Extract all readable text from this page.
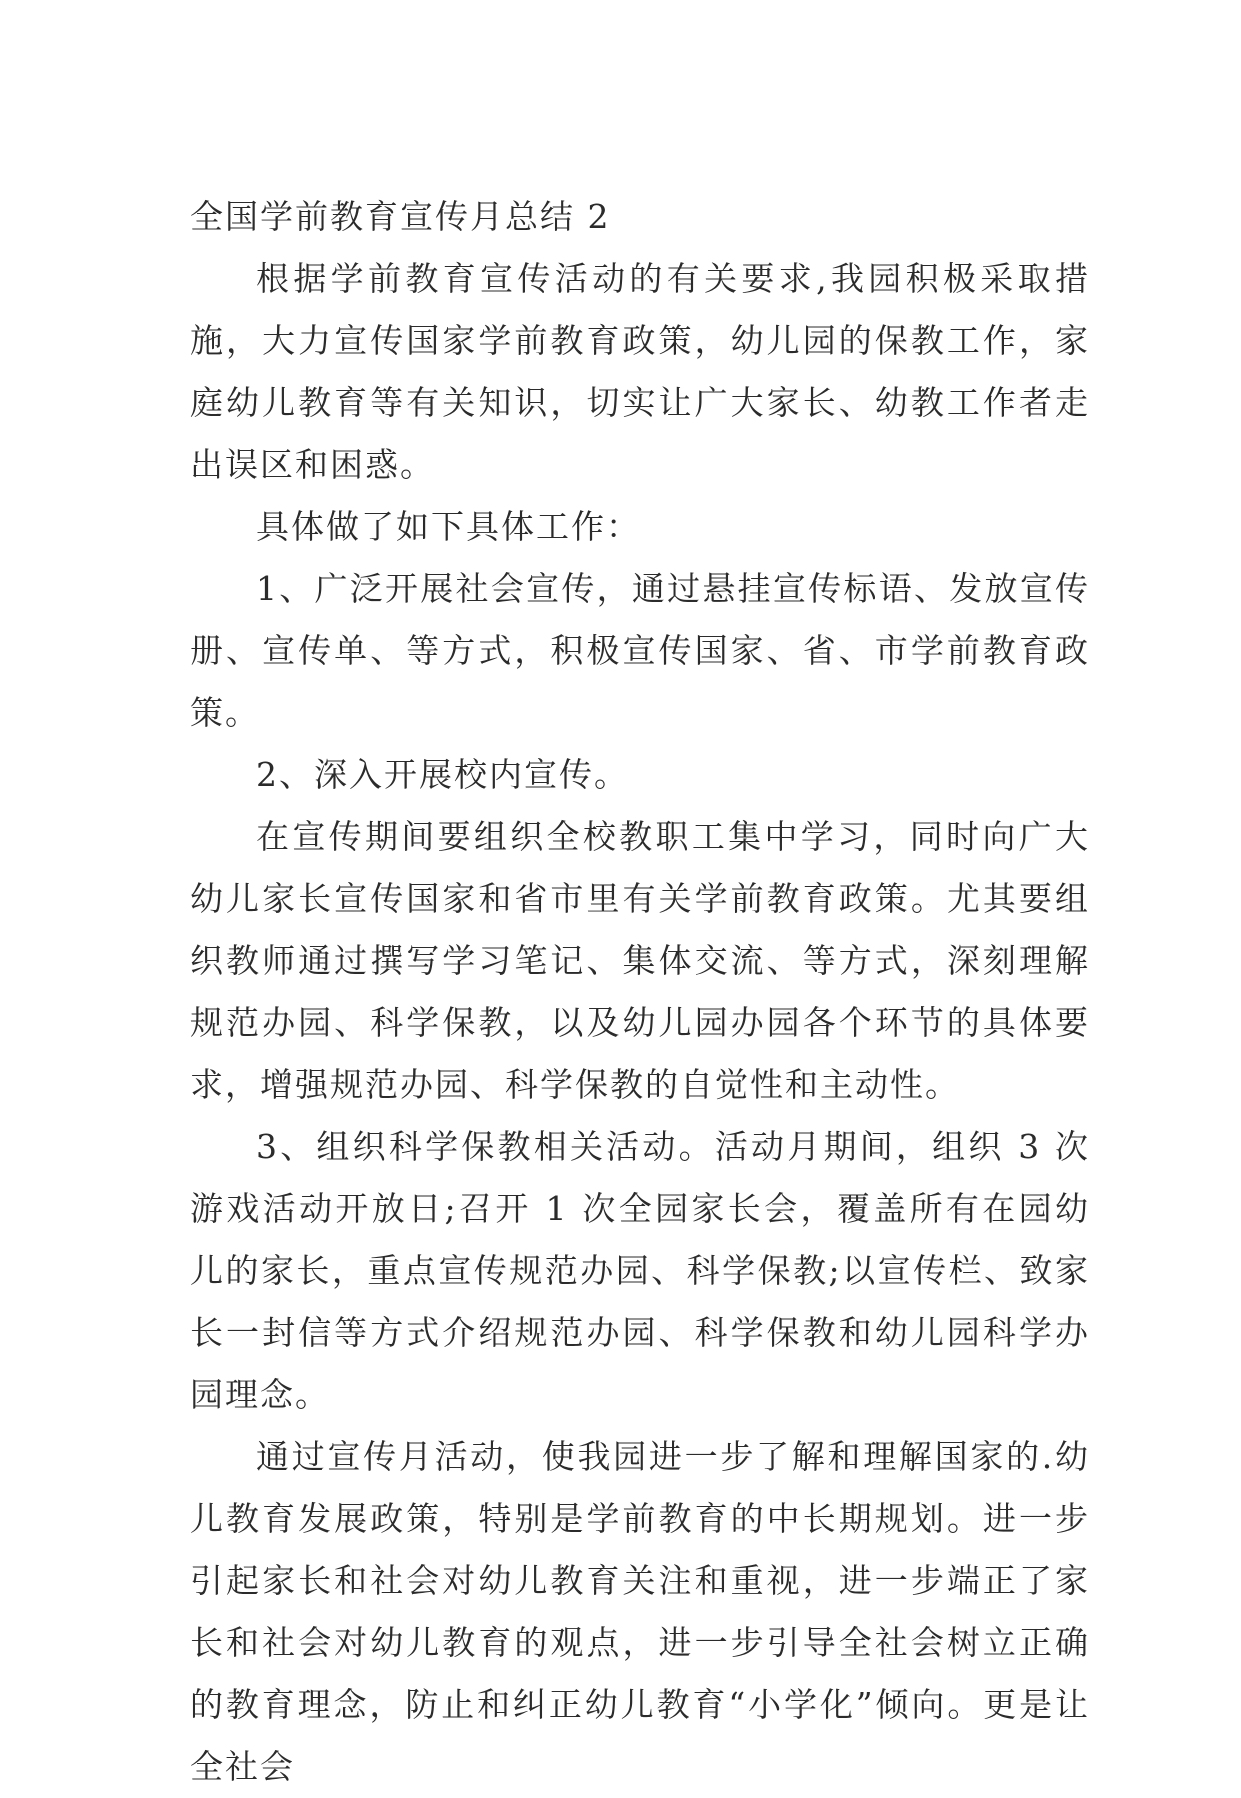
全国学前教育宣传月总结 2

根据学前教育宣传活动的有关要求,我园积极采取措施，大力宣传国家学前教育政策，幼儿园的保教工作，家庭幼儿教育等有关知识，切实让广大家长、幼教工作者走出误区和困惑。

具体做了如下具体工作：

1、广泛开展社会宣传，通过悬挂宣传标语、发放宣传册、宣传单、等方式，积极宣传国家、省、市学前教育政策。

2、深入开展校内宣传。

在宣传期间要组织全校教职工集中学习，同时向广大幼儿家长宣传国家和省市里有关学前教育政策。尤其要组织教师通过撰写学习笔记、集体交流、等方式，深刻理解规范办园、科学保教，以及幼儿园办园各个环节的具体要求，增强规范办园、科学保教的自觉性和主动性。

3、组织科学保教相关活动。活动月期间，组织 3 次游戏活动开放日;召开 1 次全园家长会，覆盖所有在园幼儿的家长，重点宣传规范办园、科学保教;以宣传栏、致家长一封信等方式介绍规范办园、科学保教和幼儿园科学办园理念。

通过宣传月活动，使我园进一步了解和理解国家的.幼儿教育发展政策，特别是学前教育的中长期规划。进一步引起家长和社会对幼儿教育关注和重视，进一步端正了家长和社会对幼儿教育的观点，进一步引导全社会树立正确的教育理念，防止和纠正幼儿教育“小学化”倾向。更是让全社会
